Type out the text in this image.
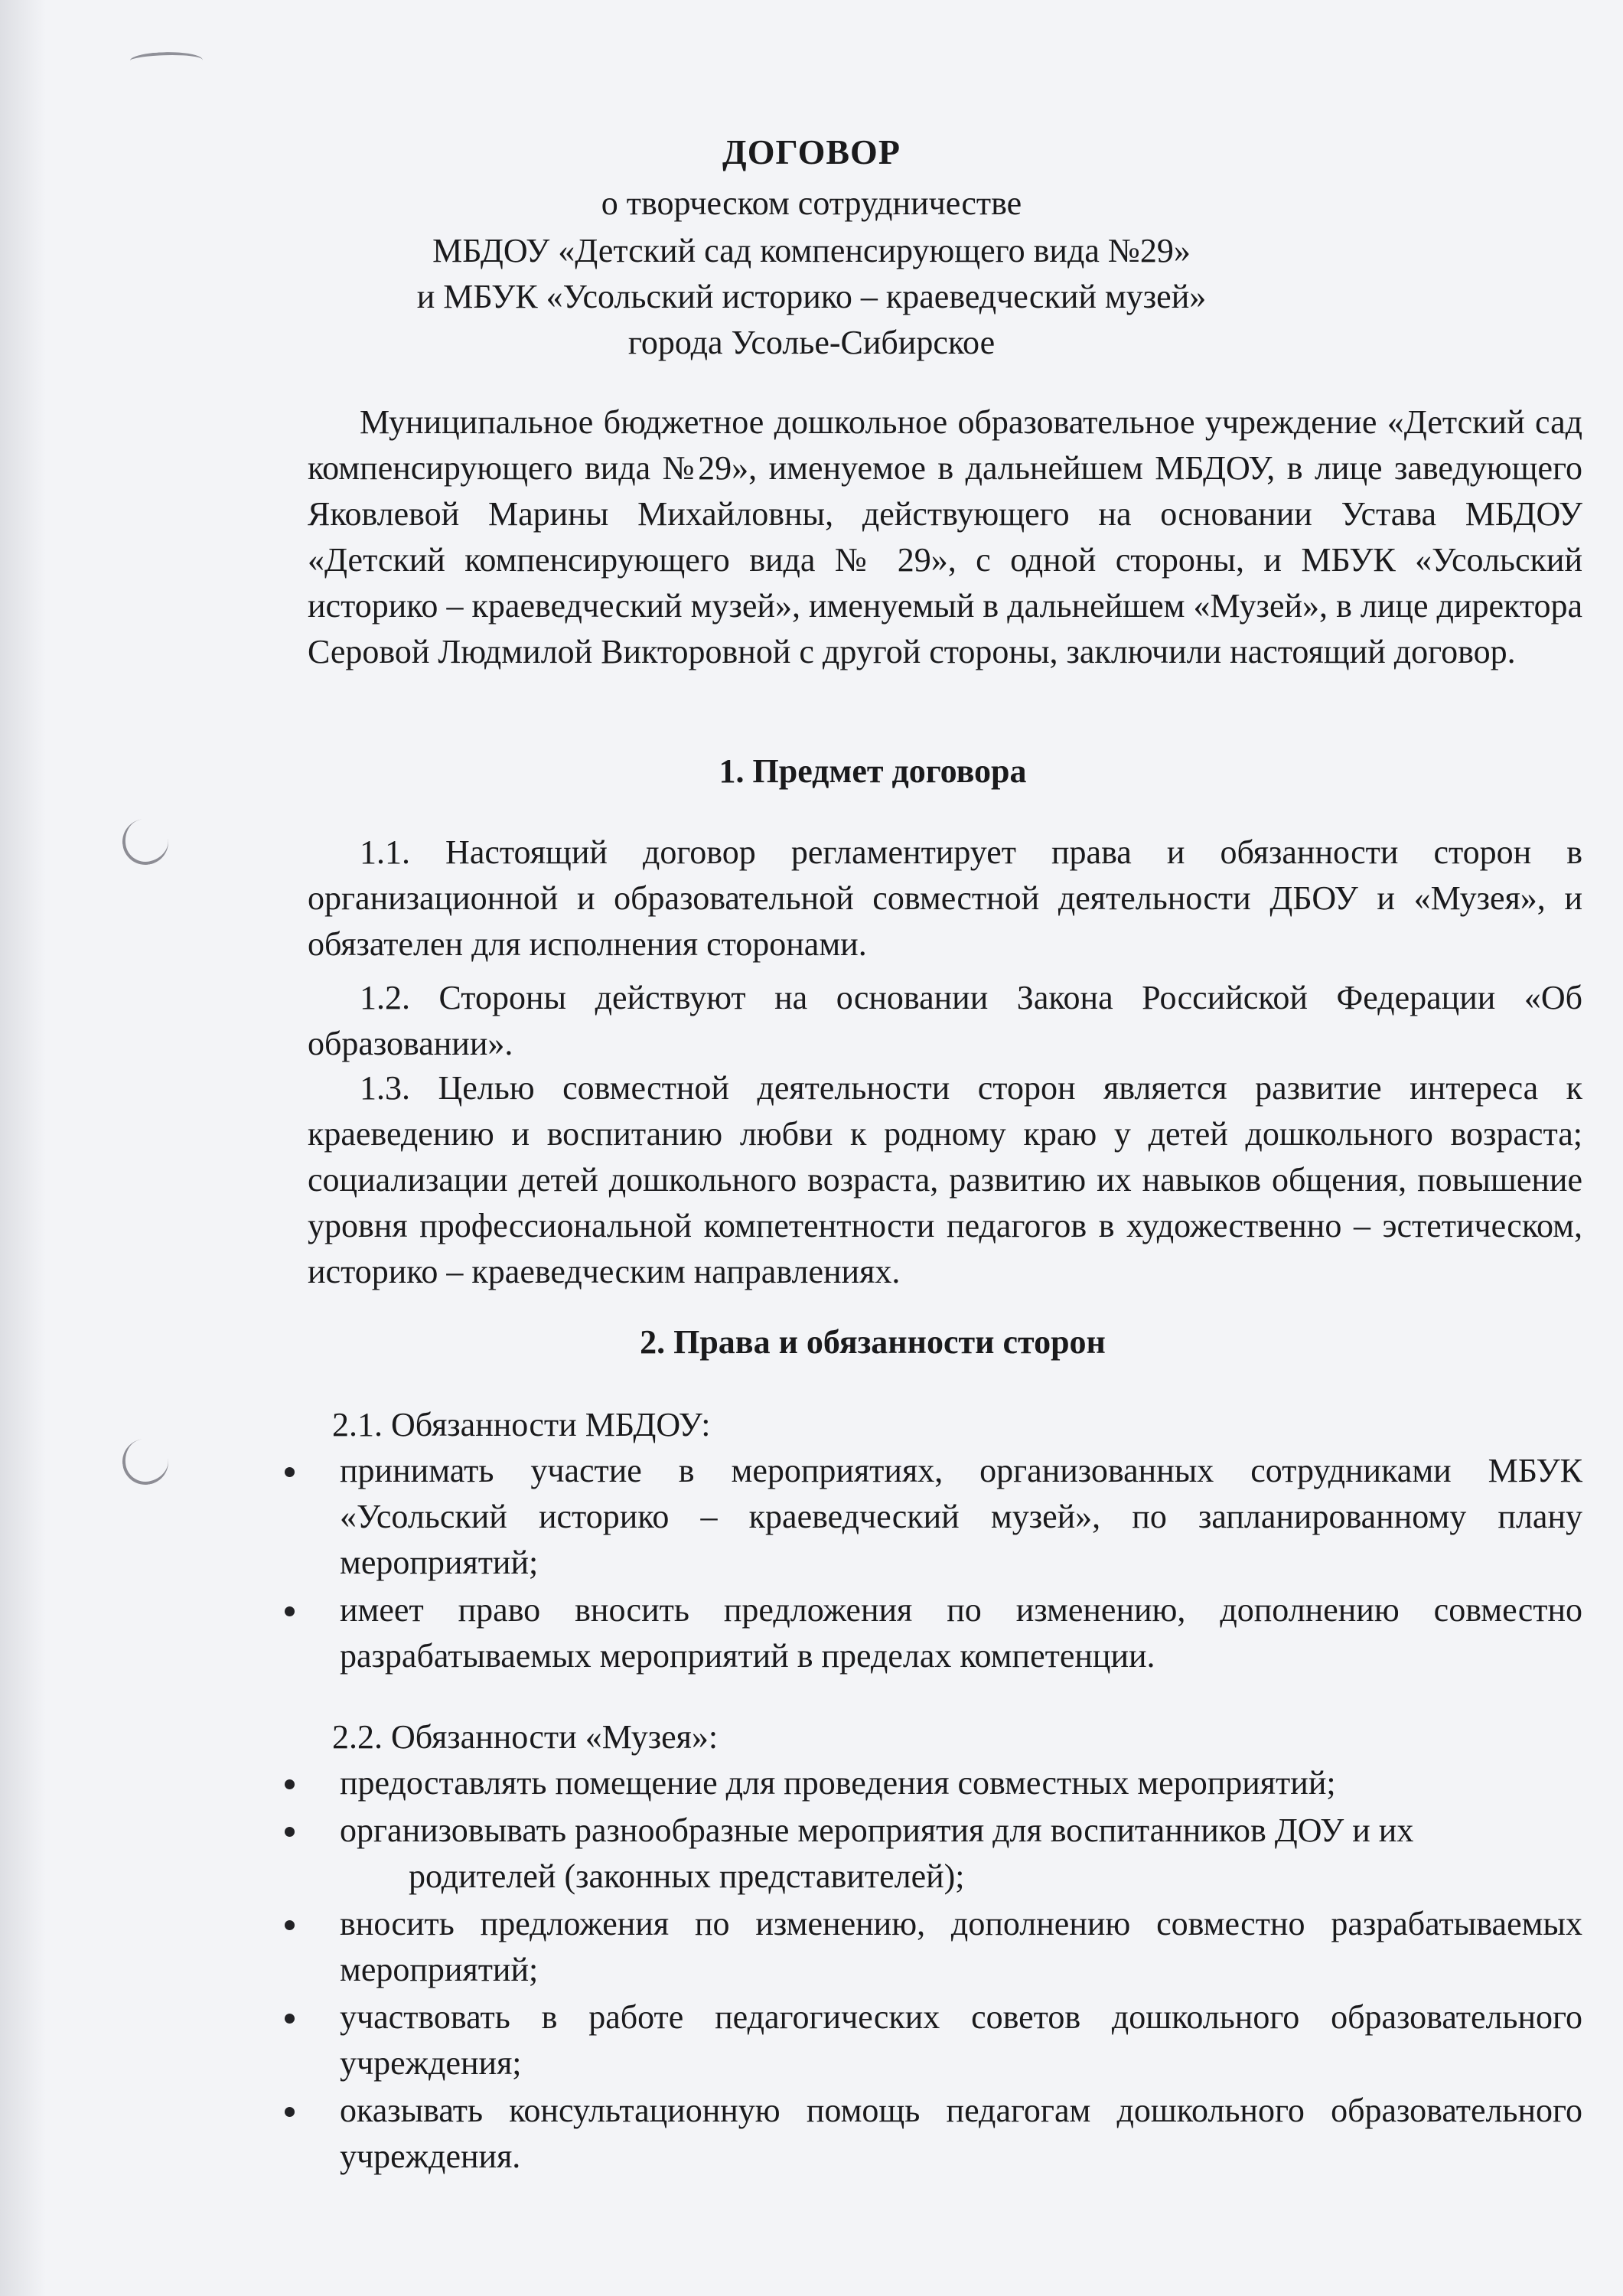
ДОГОВОР
о творческом сотрудничестве
МБДОУ «Детский сад компенсирующего вида №29»
и МБУК «Усольский историко – краеведческий музей»
города Усолье-Сибирское

Муниципальное бюджетное дошкольное образовательное учреждение «Детский сад компенсирующего вида №29», именуемое в дальнейшем МБДОУ, в лице заведующего Яковлевой Марины Михайловны, действующего на основании Устава МБДОУ «Детский компенсирующего вида № 29», с одной стороны, и МБУК «Усольский историко – краеведческий музей», именуемый в дальнейшем «Музей», в лице директора Серовой Людмилой Викторовной с другой стороны, заключили настоящий договор.

1. Предмет договора

1.1. Настоящий договор регламентирует права и обязанности сторон в организационной и образовательной совместной деятельности ДБОУ и «Музея», и обязателен для исполнения сторонами.

1.2. Стороны действуют на основании Закона Российской Федерации «Об образовании».

1.3. Целью совместной деятельности сторон является развитие интереса к краеведению и воспитанию любви к родному краю у детей дошкольного возраста; социализации детей дошкольного возраста, развитию их навыков общения, повышение уровня профессиональной компетентности педагогов в художественно – эстетическом, историко – краеведческим направлениях.

2. Права и обязанности сторон
2.1. Обязанности МБДОУ:
принимать участие в мероприятиях, организованных сотрудниками МБУК «Усольский историко – краеведческий музей», по запланированному плану мероприятий;
имеет право вносить предложения по изменению, дополнению совместно разрабатываемых мероприятий в пределах компетенции.
2.2. Обязанности «Музея»:
предоставлять помещение для проведения совместных мероприятий;
организовывать разнообразные мероприятия для воспитанников ДОУ и их
родителей (законных представителей);
вносить предложения по изменению, дополнению совместно разрабатываемых мероприятий;
участвовать в работе педагогических советов дошкольного образовательного учреждения;
оказывать консультационную помощь педагогам дошкольного образовательного учреждения.
